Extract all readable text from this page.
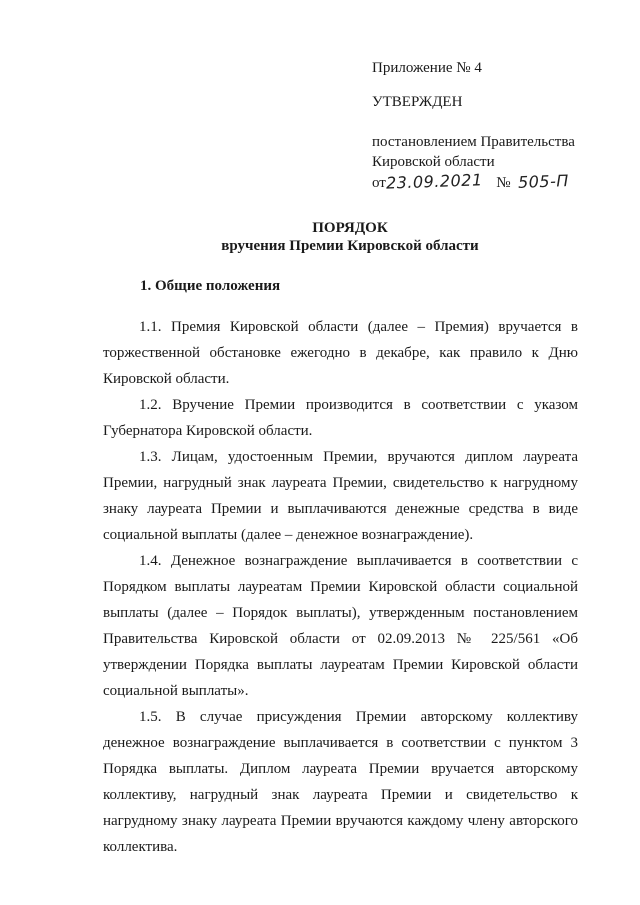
Приложение № 4
УТВЕРЖДЕН
постановлением Правительства
Кировской области
от23.09.2021 № 505-П
ПОРЯДОК
вручения Премии Кировской области
1. Общие положения

1.1. Премия Кировской области (далее – Премия) вручается в торжественной обстановке ежегодно в декабре, как правило к Дню Кировской области.

1.2. Вручение Премии производится в соответствии с указом Губернатора Кировской области.

1.3. Лицам, удостоенным Премии, вручаются диплом лауреата Премии, нагрудный знак лауреата Премии, свидетельство к нагрудному знаку лауреата Премии и выплачиваются денежные средства в виде социальной выплаты (далее – денежное вознаграждение).

1.4. Денежное вознаграждение выплачивается в соответствии с Порядком выплаты лауреатам Премии Кировской области социальной выплаты (далее – Порядок выплаты), утвержденным постановлением Правительства Кировской области от 02.09.2013 № 225/561 «Об утверждении Порядка выплаты лауреатам Премии Кировской области социальной выплаты».

1.5. В случае присуждения Премии авторскому коллективу денежное вознаграждение выплачивается в соответствии с пунктом 3 Порядка выплаты. Диплом лауреата Премии вручается авторскому коллективу, нагрудный знак лауреата Премии и свидетельство к нагрудному знаку лауреата Премии вручаются каждому члену авторского коллектива.
